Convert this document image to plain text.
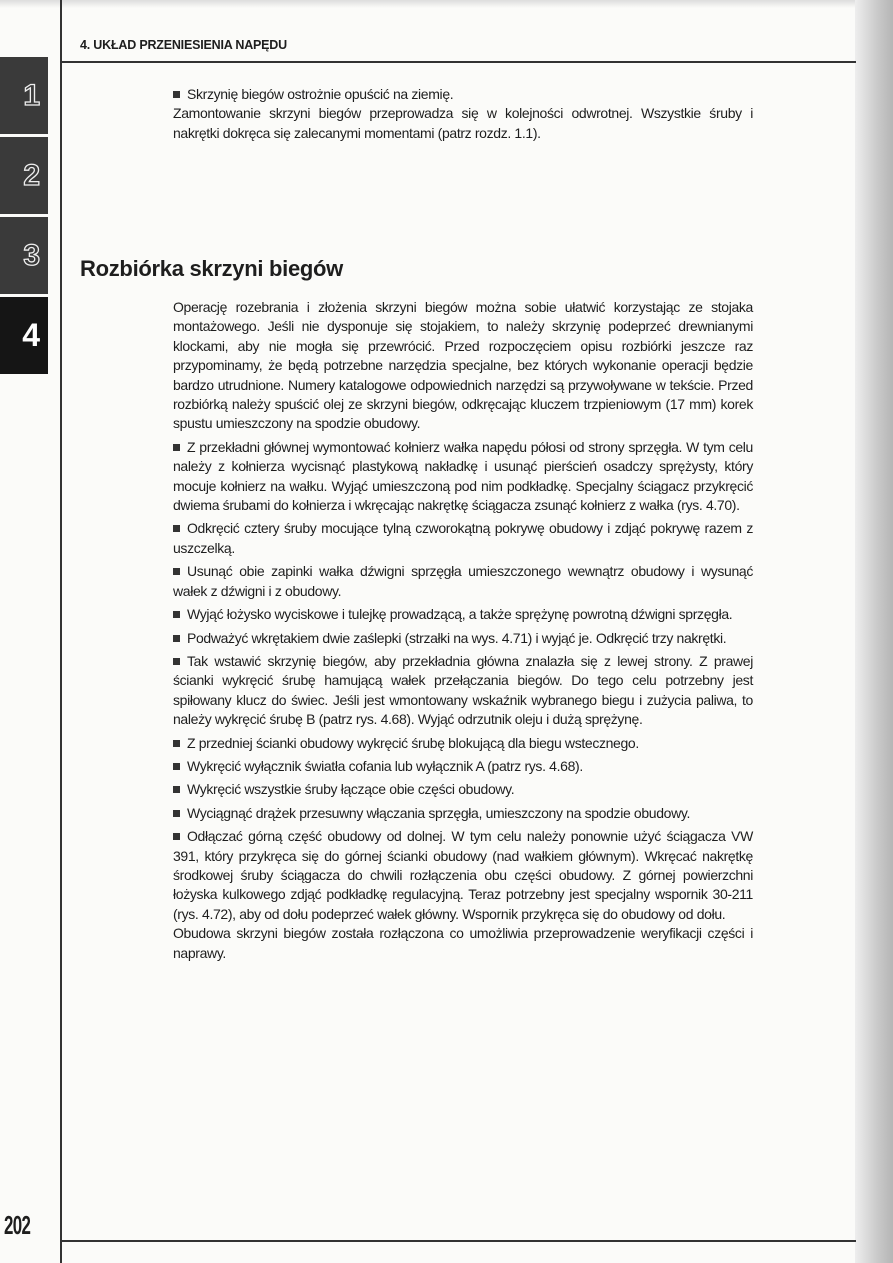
4. UKŁAD PRZENIESIENIA NAPĘDU
1
2
3
4

Skrzynię biegów ostrożnie opuścić na ziemię.

Zamontowanie skrzyni biegów przeprowadza się w kolejności odwrotnej. Wszystkie śruby i nakrętki dokręca się zalecanymi momentami (patrz rozdz. 1.1).

Rozbiórka skrzyni biegów

Operację rozebrania i złożenia skrzyni biegów można sobie ułatwić korzystając ze stojaka montażowego. Jeśli nie dysponuje się stojakiem, to należy skrzynię podeprzeć drewnianymi klockami, aby nie mogła się przewrócić. Przed rozpoczęciem opisu rozbiórki jeszcze raz przypominamy, że będą potrzebne narzędzia specjalne, bez których wykonanie operacji będzie bardzo utrudnione. Numery katalogowe odpowiednich narzędzi są przywoływane w tekście. Przed rozbiórką należy spuścić olej ze skrzyni biegów, odkręcając kluczem trzpieniowym (17 mm) korek spustu umieszczony na spodzie obudowy.

Z przekładni głównej wymontować kołnierz wałka napędu półosi od strony sprzęgła. W tym celu należy z kołnierza wycisnąć plastykową nakładkę i usunąć pierścień osadczy sprężysty, który mocuje kołnierz na wałku. Wyjąć umieszczoną pod nim podkładkę. Specjalny ściągacz przykręcić dwiema śrubami do kołnierza i wkręcając nakrętkę ściągacza zsunąć kołnierz z wałka (rys. 4.70).

Odkręcić cztery śruby mocujące tylną czworokątną pokrywę obudowy i zdjąć pokrywę razem z uszczelką.

Usunąć obie zapinki wałka dźwigni sprzęgła umieszczonego wewnątrz obudowy i wysunąć wałek z dźwigni i z obudowy.

Wyjąć łożysko wyciskowe i tulejkę prowadzącą, a także sprężynę powrotną dźwigni sprzęgła.

Podważyć wkrętakiem dwie zaślepki (strzałki na wys. 4.71) i wyjąć je. Odkręcić trzy nakrętki.

Tak wstawić skrzynię biegów, aby przekładnia główna znalazła się z lewej strony. Z prawej ścianki wykręcić śrubę hamującą wałek przełączania biegów. Do tego celu potrzebny jest spiłowany klucz do świec. Jeśli jest wmontowany wskaźnik wybranego biegu i zużycia paliwa, to należy wykręcić śrubę B (patrz rys. 4.68). Wyjąć odrzutnik oleju i dużą sprężynę.

Z przedniej ścianki obudowy wykręcić śrubę blokującą dla biegu wstecznego.

Wykręcić wyłącznik światła cofania lub wyłącznik A (patrz rys. 4.68).

Wykręcić wszystkie śruby łączące obie części obudowy.

Wyciągnąć drążek przesuwny włączania sprzęgła, umieszczony na spodzie obudowy.

Odłączać górną część obudowy od dolnej. W tym celu należy ponownie użyć ściągacza VW 391, który przykręca się do górnej ścianki obudowy (nad wałkiem głównym). Wkręcać nakrętkę środkowej śruby ściągacza do chwili rozłączenia obu części obudowy. Z górnej powierzchni łożyska kulkowego zdjąć podkładkę regulacyjną. Teraz potrzebny jest specjalny wspornik 30-211 (rys. 4.72), aby od dołu podeprzeć wałek główny. Wspornik przykręca się do obudowy od dołu.

Obudowa skrzyni biegów została rozłączona co umożliwia przeprowadzenie weryfikacji części i naprawy.

202
